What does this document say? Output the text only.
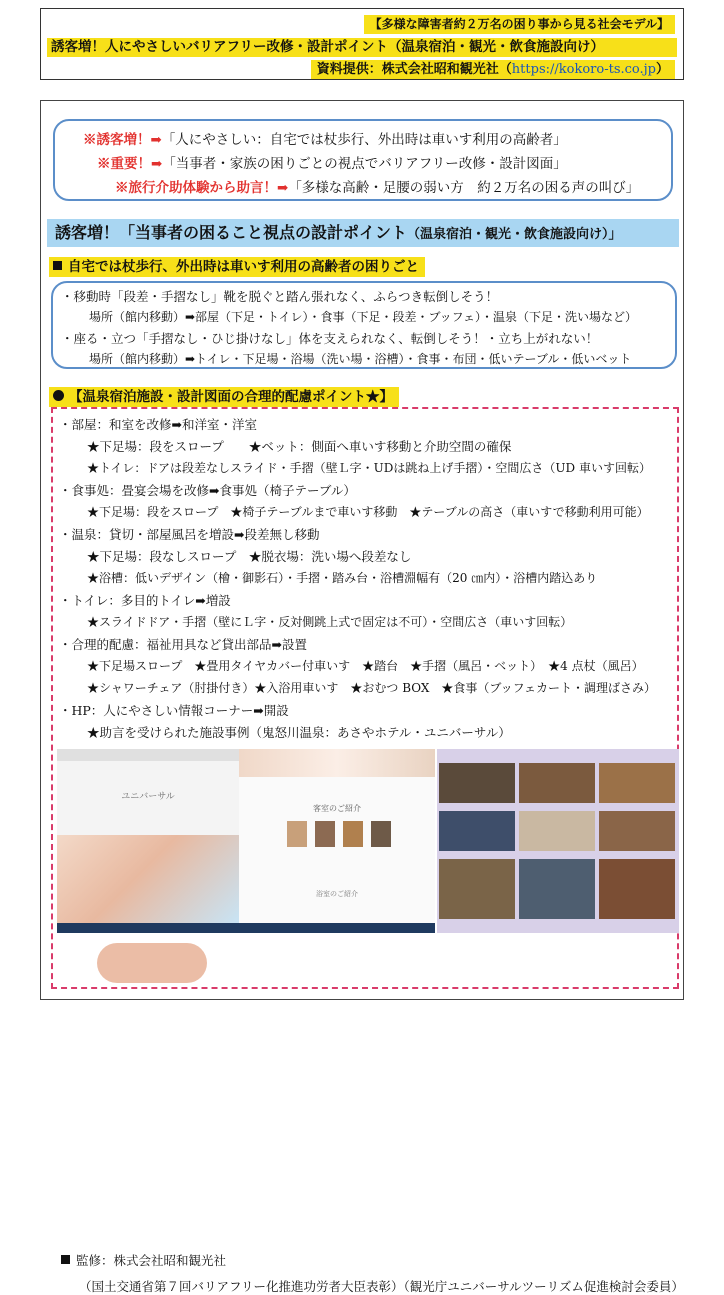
【多様な障害者約２万名の困り事から見る社会モデル】
誘客増！人にやさしいバリアフリー改修・設計ポイント（温泉宿泊・観光・飲食施設向け）
資料提供：株式会社昭和観光社（https://kokoro-ts.co.jp）
※誘客増！➡「人にやさしい：自宅では杖歩行、外出時は車いす利用の高齢者」
※重要！➡「当事者・家族の困りごとの視点でバリアフリー改修・設計図面」
※旅行介助体験から助言！➡「多様な高齢・足腰の弱い方　約２万名の困る声の叫び」
誘客増！「当事者の困ること視点の設計ポイント（温泉宿泊・観光・飲食施設向け）」
自宅では杖歩行、外出時は車いす利用の高齢者の困りごと
・移動時「段差・手摺なし」靴を脱ぐと踏ん張れなく、ふらつき転倒しそう！
場所（館内移動）➡部屋（下足・トイレ）・食事（下足・段差・ブッフェ）・温泉（下足・洗い場など）
・座る・立つ「手摺なし・ひじ掛けなし」体を支えられなく、転倒しそう！・立ち上がれない！
場所（館内移動）➡トイレ・下足場・浴場（洗い場・浴槽）・食事・布団・低いテーブル・低いベット
【温泉宿泊施設・設計図面の合理的配慮ポイント★】
・部屋：和室を改修➡和洋室・洋室
★下足場：段をスロープ　　★ベット：側面へ車いす移動と介助空間の確保
★トイレ：ドアは段差なしスライド・手摺（壁Ｌ字・UDは跳ね上げ手摺）・空間広さ（UD 車いす回転）
・食事処：畳宴会場を改修➡食事処（椅子テーブル）
★下足場：段をスロープ　★椅子テーブルまで車いす移動　★テーブルの高さ（車いすで移動利用可能）
・温泉：貸切・部屋風呂を増設➡段差無し移動
★下足場：段なしスロープ　★脱衣場：洗い場へ段差なし
★浴槽：低いデザイン（檜・御影石）・手摺・踏み台・浴槽淵幅有（20 ㎝内）・浴槽内踏込あり
・トイレ：多目的トイレ➡増設
★スライドドア・手摺（壁にＬ字・反対側跳上式で固定は不可）・空間広さ（車いす回転）
・合理的配慮：福祉用具など貸出部品➡設置
★下足場スロープ　★畳用タイヤカバー付車いす　★踏台　★手摺（風呂・ベット）　★4 点杖（風呂）
★シャワーチェア（肘掛付き）★入浴用車いす　★おむつ BOX　★食事（ブッフェカート・調理ばさみ）
・HP：人にやさしい情報コーナー➡開設
★助言を受けられた施設事例（鬼怒川温泉：あさやホテル・ユニバーサル）
ユニバーサル
客室のご紹介
浴室のご紹介
監修：株式会社昭和観光社
（国土交通省第７回バリアフリー化推進功労者大臣表彰）（観光庁ユニバーサルツーリズム促進検討会委員）
